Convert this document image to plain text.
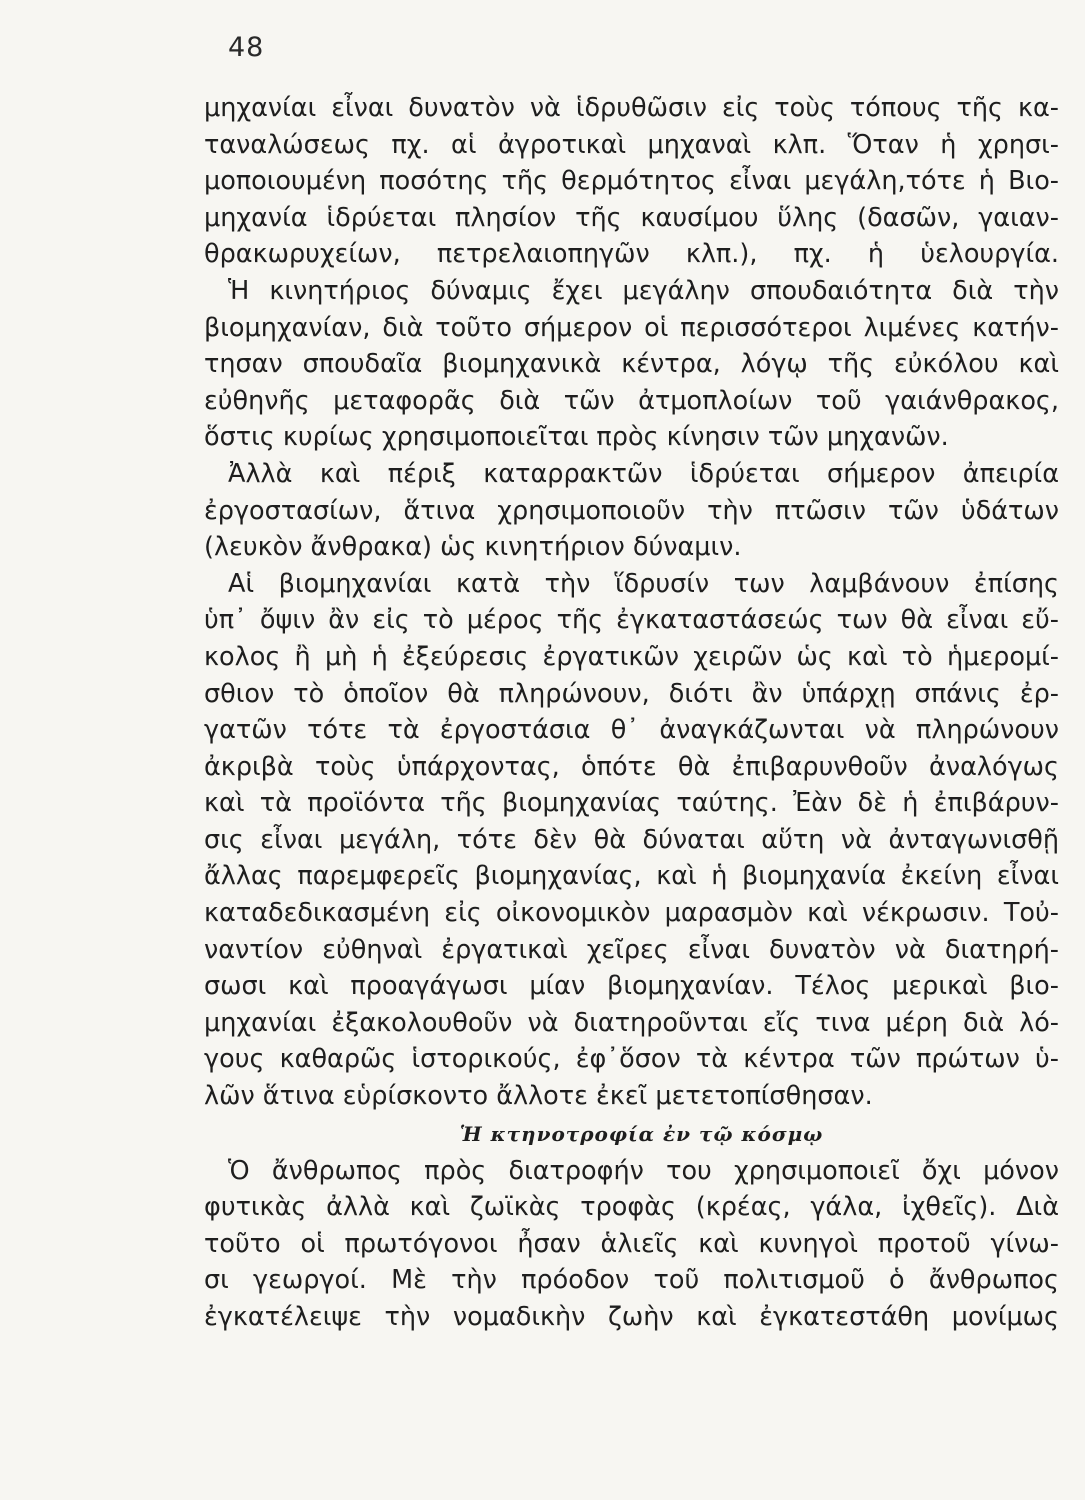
48
μηχανίαι εἶναι δυνατὸν νὰ ἱδρυθῶσιν εἰς τοὺς τόπους τῆς κα-
ταναλώσεως πχ. αἱ ἀγροτικαὶ μηχαναὶ κλπ. Ὅταν ἡ χρησι-
μοποιουμένη ποσότης τῆς θερμότητος εἶναι μεγάλη,τότε ἡ Βιο-
μηχανία ἱδρύεται πλησίον τῆς καυσίμου ὕλης (δασῶν, γαιαν-
θρακωρυχείων, πετρελαιοπηγῶν κλπ.), πχ. ἡ ὑελουργία.
Ἡ κινητήριος δύναμις ἔχει μεγάλην σπουδαιότητα διὰ τὴν
βιομηχανίαν, διὰ τοῦτο σήμερον οἱ περισσότεροι λιμένες κατήν-
τησαν σπουδαῖα βιομηχανικὰ κέντρα, λόγῳ τῆς εὐκόλου καὶ
εὐθηνῆς μεταφορᾶς διὰ τῶν ἀτμοπλοίων τοῦ γαιάνθρακος,
ὅστις κυρίως χρησιμοποιεῖται πρὸς κίνησιν τῶν μηχανῶν.
Ἀλλὰ καὶ πέριξ καταρρακτῶν ἱδρύεται σήμερον ἀπειρία
ἐργοστασίων, ἅτινα χρησιμοποιοῦν τὴν πτῶσιν τῶν ὑδάτων
(λευκὸν ἄνθρακα) ὡς κινητήριον δύναμιν.
Αἱ βιομηχανίαι κατὰ τὴν ἵδρυσίν των λαμβάνουν ἐπίσης
ὑπ᾽ ὄψιν ἂν εἰς τὸ μέρος τῆς ἐγκαταστάσεώς των θὰ εἶναι εὔ-
κολος ἢ μὴ ἡ ἐξεύρεσις ἐργατικῶν χειρῶν ὡς καὶ τὸ ἡμερομί-
σθιον τὸ ὁποῖον θὰ πληρώνουν, διότι ἂν ὑπάρχῃ σπάνις ἐρ-
γατῶν τότε τὰ ἐργοστάσια θ᾽ ἀναγκάζωνται νὰ πληρώνουν
ἀκριβὰ τοὺς ὑπάρχοντας, ὁπότε θὰ ἐπιβαρυνθοῦν ἀναλόγως
καὶ τὰ προϊόντα τῆς βιομηχανίας ταύτης. Ἐὰν δὲ ἡ ἐπιβάρυν-
σις εἶναι μεγάλη, τότε δὲν θὰ δύναται αὕτη νὰ ἀνταγωνισθῇ
ἄλλας παρεμφερεῖς βιομηχανίας, καὶ ἡ βιομηχανία ἐκείνη εἶναι
καταδεδικασμένη εἰς οἰκονομικὸν μαρασμὸν καὶ νέκρωσιν. Τοὐ-
ναντίον εὐθηναὶ ἐργατικαὶ χεῖρες εἶναι δυνατὸν νὰ διατηρή-
σωσι καὶ προαγάγωσι μίαν βιομηχανίαν. Τέλος μερικαὶ βιο-
μηχανίαι ἐξακολουθοῦν νὰ διατηροῦνται εἴς τινα μέρη διὰ λό-
γους καθαρῶς ἱστορικούς, ἐφ᾽ὅσον τὰ κέντρα τῶν πρώτων ὑ-
λῶν ἅτινα εὑρίσκοντο ἄλλοτε ἐκεῖ μετετοπίσθησαν.
Ἡ κτηνοτροφία ἐν τῷ κόσμῳ
Ὁ ἄνθρωπος πρὸς διατροφήν του χρησιμοποιεῖ ὄχι μόνον
φυτικὰς ἀλλὰ καὶ ζωϊκὰς τροφὰς (κρέας, γάλα, ἰχθεῖς). Διὰ
τοῦτο οἱ πρωτόγονοι ἦσαν ἁλιεῖς καὶ κυνηγοὶ προτοῦ γίνω-
σι γεωργοί. Μὲ τὴν πρόοδον τοῦ πολιτισμοῦ ὁ ἄνθρωπος
ἐγκατέλειψε τὴν νομαδικὴν ζωὴν καὶ ἐγκατεστάθη μονίμως
